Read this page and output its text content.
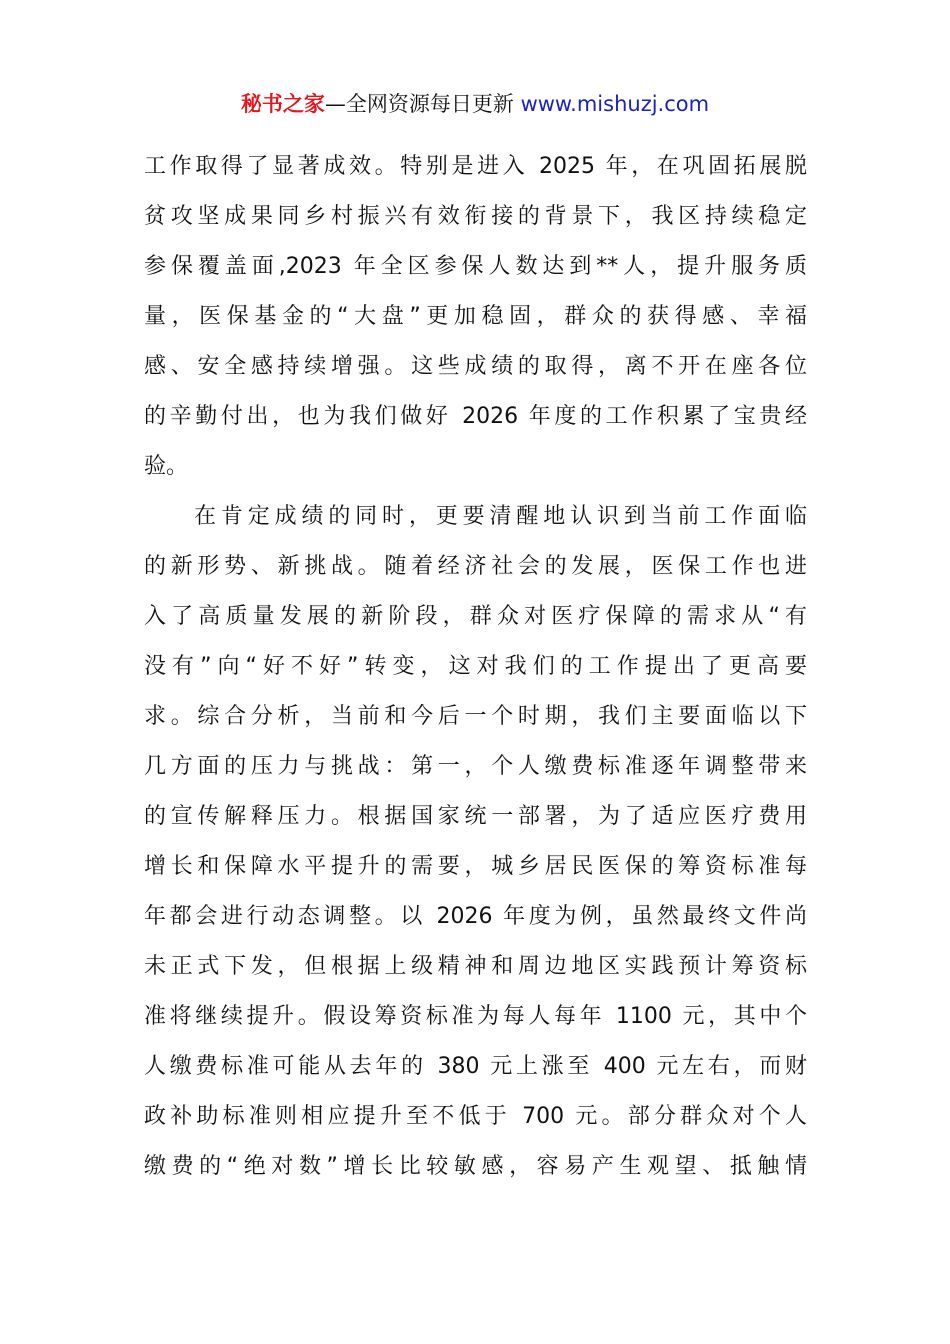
秘书之家—全网资源每日更新 www.mishuzj.com
工作取得了显著成效。特别是进入 2025 年，在巩固拓展脱
贫攻坚成果同乡村振兴有效衔接的背景下，我区持续稳定
参保覆盖面,2023 年全区参保人数达到**人，提升服务质
量，医保基金的“大盘”更加稳固，群众的获得感、幸福
感、安全感持续增强。这些成绩的取得，离不开在座各位
的辛勤付出，也为我们做好 2026 年度的工作积累了宝贵经
验。
在肯定成绩的同时，更要清醒地认识到当前工作面临
的新形势、新挑战。随着经济社会的发展，医保工作也进
入了高质量发展的新阶段，群众对医疗保障的需求从“有
没有”向“好不好”转变，这对我们的工作提出了更高要
求。综合分析，当前和今后一个时期，我们主要面临以下
几方面的压力与挑战：第一，个人缴费标准逐年调整带来
的宣传解释压力。根据国家统一部署，为了适应医疗费用
增长和保障水平提升的需要，城乡居民医保的筹资标准每
年都会进行动态调整。以 2026 年度为例，虽然最终文件尚
未正式下发，但根据上级精神和周边地区实践预计筹资标
准将继续提升。假设筹资标准为每人每年 1100 元，其中个
人缴费标准可能从去年的 380 元上涨至 400 元左右，而财
政补助标准则相应提升至不低于 700 元。部分群众对个人
缴费的“绝对数”增长比较敏感，容易产生观望、抵触情
